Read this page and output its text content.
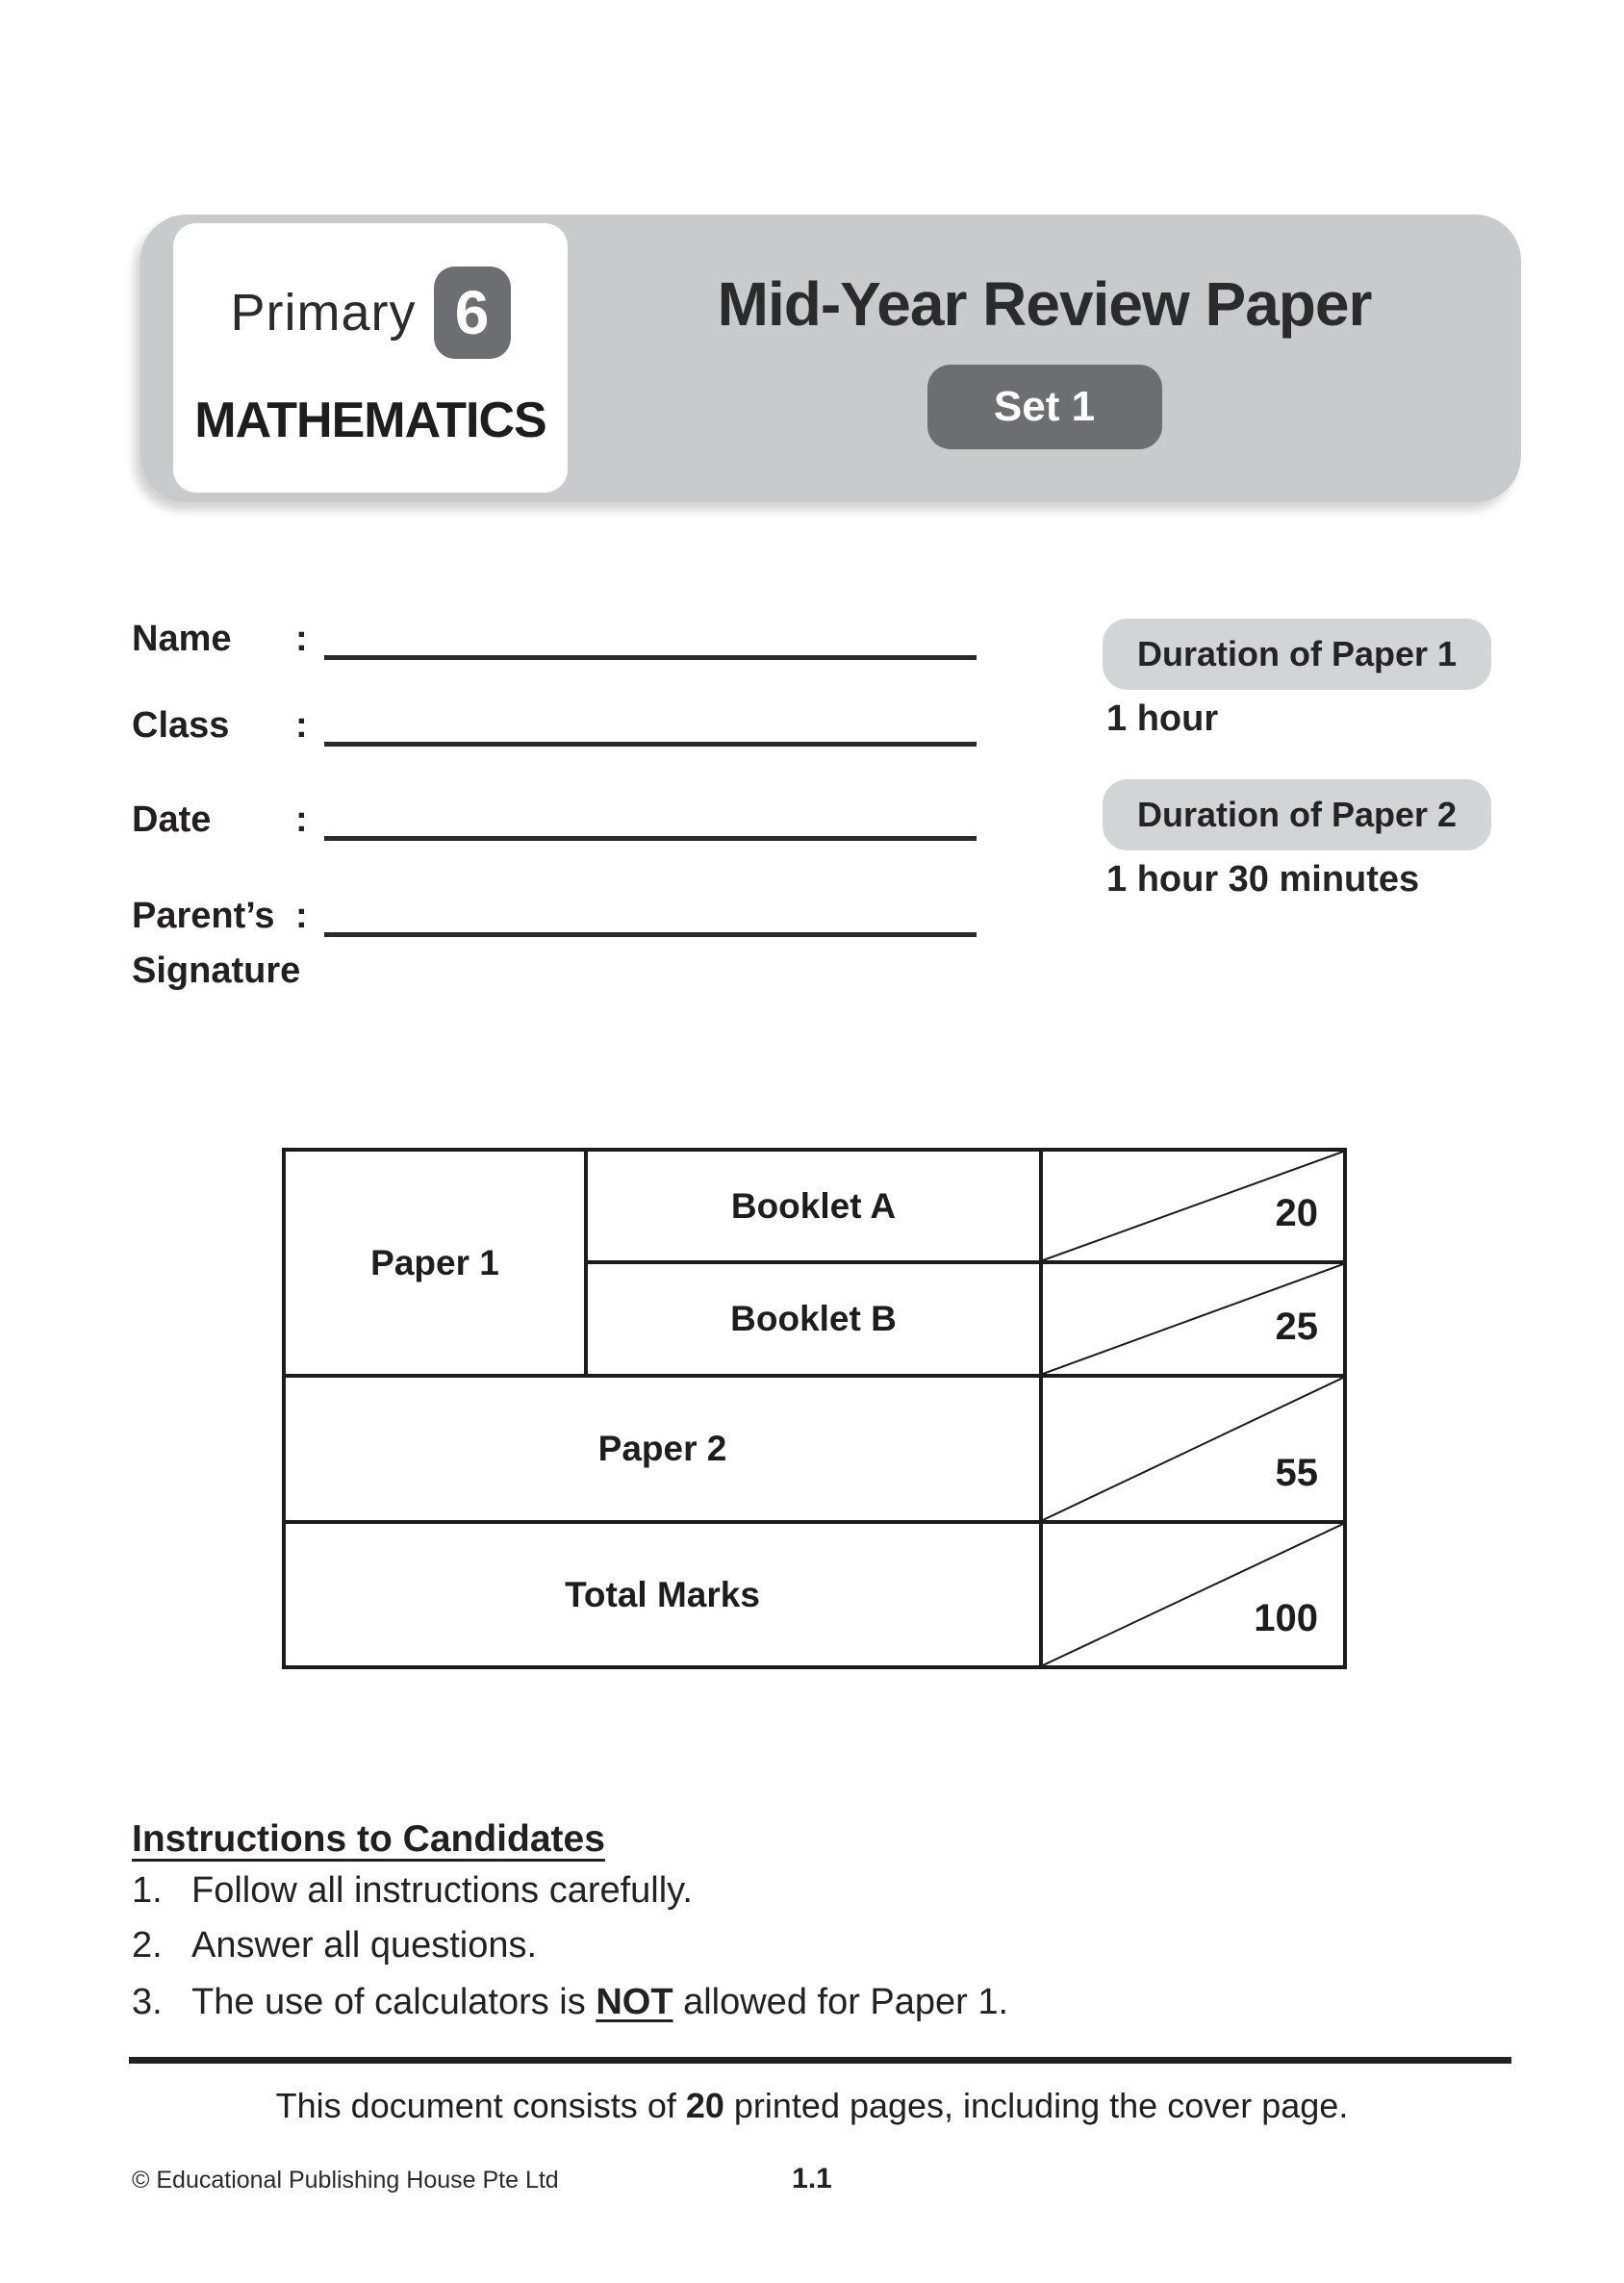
Primary 6
MATHEMATICS
Mid-Year Review Paper
Set 1
Name	:
Class	:
Date	:
Parent’s :
Signature
Duration of Paper 1
1 hour
Duration of Paper 2
1 hour 30 minutes
Paper 1	Booklet A	20

	Booklet B	25

Paper 2		55

Total Marks		100
Instructions to Candidates
1. Follow all instructions carefully.
2. Answer all questions.
3. The use of calculators is NOT allowed for Paper 1.
This document consists of 20 printed pages, including the cover page.
© Educational Publishing House Pte Ltd	1.1
